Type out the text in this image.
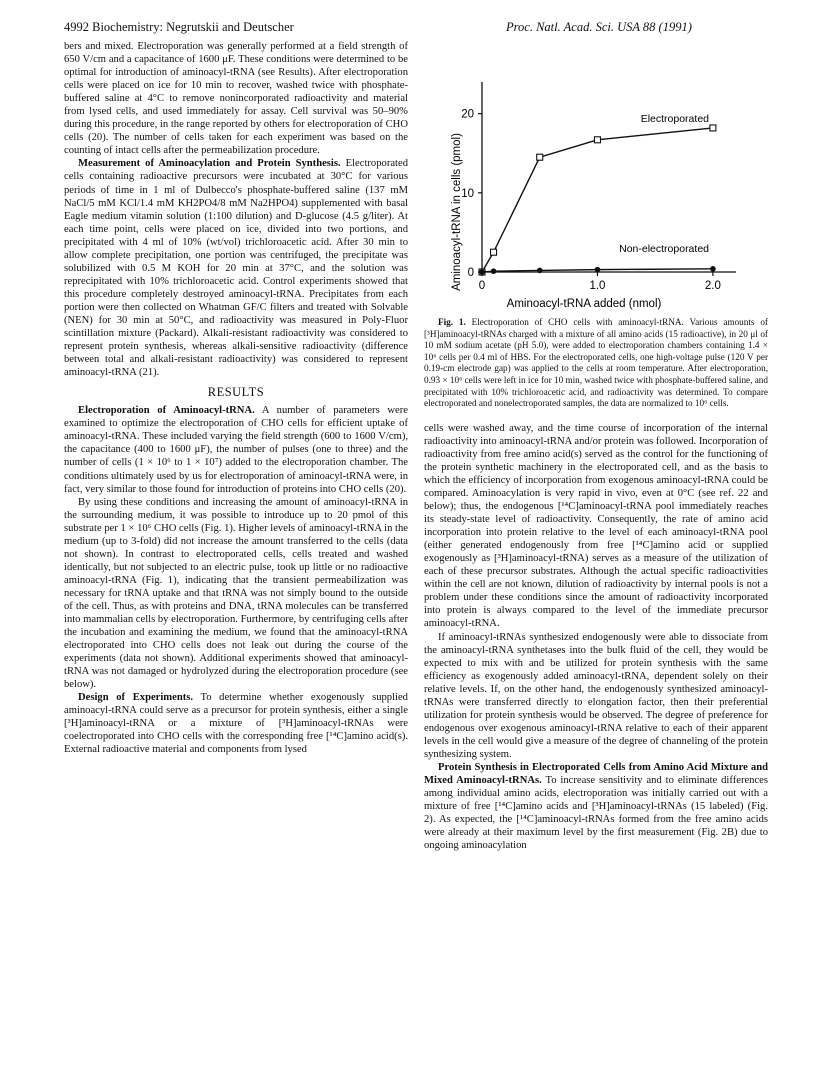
4992 Biochemistry: Negrutskii and Deutscher	Proc. Natl. Acad. Sci. USA 88 (1991)

bers and mixed. Electroporation was generally performed at a field strength of 650 V/cm and a capacitance of 1600 μF. These conditions were determined to be optimal for introduction of aminoacyl-tRNA (see Results). After electroporation cells were placed on ice for 10 min to recover, washed twice with phosphate-buffered saline at 4°C to remove nonincorporated radioactivity and material from lysed cells, and used immediately for assay. Cell survival was 50–90% during this procedure, in the range reported by others for electroporation of CHO cells (20). The number of cells taken for each experiment was based on the counting of intact cells after the permeabilization procedure.

Measurement of Aminoacylation and Protein Synthesis. Electroporated cells containing radioactive precursors were incubated at 30°C for various periods of time in 1 ml of Dulbecco's phosphate-buffered saline (137 mM NaCl/5 mM KCl/1.4 mM KH2PO4/8 mM Na2HPO4) supplemented with basal Eagle medium vitamin solution (1:100 dilution) and D-glucose (4.5 g/liter). At each time point, cells were placed on ice, divided into two portions, and precipitated with 4 ml of 10% (wt/vol) trichloroacetic acid. After 30 min to allow complete precipitation, one portion was centrifuged, the precipitate was solubilized with 0.5 M KOH for 20 min at 37°C, and the solution was reprecipitated with 10% trichloroacetic acid. Control experiments showed that this procedure completely destroyed aminoacyl-tRNA. Precipitates from each portion were then collected on Whatman GF/C filters and treated with Solvable (NEN) for 30 min at 50°C, and radioactivity was measured in Poly-Fluor scintillation mixture (Packard). Alkali-resistant radioactivity was considered to represent protein synthesis, whereas alkali-sensitive radioactivity (difference between total and alkali-resistant radioactivity) was considered to represent aminoacyl-tRNA (21).

RESULTS

Electroporation of Aminoacyl-tRNA. A number of parameters were examined to optimize the electroporation of CHO cells for efficient uptake of aminoacyl-tRNA. These included varying the field strength (600 to 1600 V/cm), the capacitance (400 to 1600 μF), the number of pulses (one to three) and the number of cells (1 × 10⁶ to 1 × 10⁷) added to the electroporation chamber. The conditions ultimately used by us for electroporation of aminoacyl-tRNA were, in fact, very similar to those found for introduction of proteins into CHO cells (20).

By using these conditions and increasing the amount of aminoacyl-tRNA in the surrounding medium, it was possible to introduce up to 20 pmol of this substrate per 1 × 10⁶ CHO cells (Fig. 1). Higher levels of aminoacyl-tRNA in the medium (up to 3-fold) did not increase the amount transferred to the cells (data not shown). In contrast to electroporated cells, cells treated and washed identically, but not subjected to an electric pulse, took up little or no radioactive aminoacyl-tRNA (Fig. 1), indicating that the transient permeabilization was necessary for tRNA uptake and that tRNA was not simply bound to the outside of the cell. Thus, as with proteins and DNA, tRNA molecules can be transferred into mammalian cells by electroporation. Furthermore, by centrifuging cells after the incubation and examining the medium, we found that the aminoacyl-tRNA electroporated into CHO cells does not leak out during the course of the experiments (data not shown). Additional experiments showed that aminoacyl-tRNA was not damaged or hydrolyzed during the electroporation procedure (see below).

Design of Experiments. To determine whether exogenously supplied aminoacyl-tRNA could serve as a precursor for protein synthesis, either a single [³H]aminoacyl-tRNA or a mixture of [³H]aminoacyl-tRNAs were coelectroporated into CHO cells with the corresponding free [¹⁴C]amino acid(s). External radioactive material and components from lysed

0
10
20
0	1.0	2.0
Aminoacyl-tRNA in cells (pmol)
Aminoacyl-tRNA added (nmol)
Electroporated
Non-electroporated
Fig. 1. Electroporation of CHO cells with aminoacyl-tRNA. Various amounts of [³H]aminoacyl-tRNAs charged with a mixture of all amino acids (15 radioactive), in 20 μl of 10 mM sodium acetate (pH 5.0), were added to electroporation chambers containing 1.4 × 10⁶ cells per 0.4 ml of HBS. For the electroporated cells, one high-voltage pulse (120 V per 0.19-cm electrode gap) was applied to the cells at room temperature. After electroporation, 0.93 × 10⁶ cells were left in ice for 10 min, washed twice with phosphate-buffered saline, and precipitated with 10% trichloroacetic acid, and radioactivity was determined. To compare electroporated and nonelectroporated samples, the data are normalized to 10⁶ cells.

cells were washed away, and the time course of incorporation of the internal radioactivity into aminoacyl-tRNA and/or protein was followed. Incorporation of radioactivity from free amino acid(s) served as the control for the functioning of the protein synthetic machinery in the electroporated cell, and as the basis to which the efficiency of incorporation from exogenous aminoacyl-tRNA could be compared. Aminoacylation is very rapid in vivo, even at 0°C (see ref. 22 and below); thus, the endogenous [¹⁴C]aminoacyl-tRNA pool immediately reaches its steady-state level of radioactivity. Consequently, the rate of amino acid incorporation into protein relative to the level of each aminoacyl-tRNA pool (either generated endogenously from free [¹⁴C]amino acid or supplied exogenously as [³H]aminoacyl-tRNA) serves as a measure of the utilization of each of these precursor substrates. Although the actual specific radioactivities within the cell are not known, dilution of radioactivity by internal pools is not a problem under these conditions since the amount of radioactivity incorporated into protein is always compared to the level of the immediate precursor aminoacyl-tRNA.

If aminoacyl-tRNAs synthesized endogenously were able to dissociate from the aminoacyl-tRNA synthetases into the bulk fluid of the cell, they would be expected to mix with and be utilized for protein synthesis with the same efficiency as exogenously added aminoacyl-tRNA, dependent solely on their relative levels. If, on the other hand, the endogenously synthesized aminoacyl-tRNAs were transferred directly to elongation factor, then their preferential utilization for protein synthesis would be observed. The degree of preference for endogenous over exogenous aminoacyl-tRNA relative to each of their apparent levels in the cell would give a measure of the degree of channeling of the protein synthesizing system.

Protein Synthesis in Electroporated Cells from Amino Acid Mixture and Mixed Aminoacyl-tRNAs. To increase sensitivity and to eliminate differences among individual amino acids, electroporation was initially carried out with a mixture of free [¹⁴C]amino acids and [³H]aminoacyl-tRNAs (15 labeled) (Fig. 2). As expected, the [¹⁴C]aminoacyl-tRNAs formed from the free amino acids were already at their maximum level by the first measurement (Fig. 2B) due to ongoing aminoacylation
